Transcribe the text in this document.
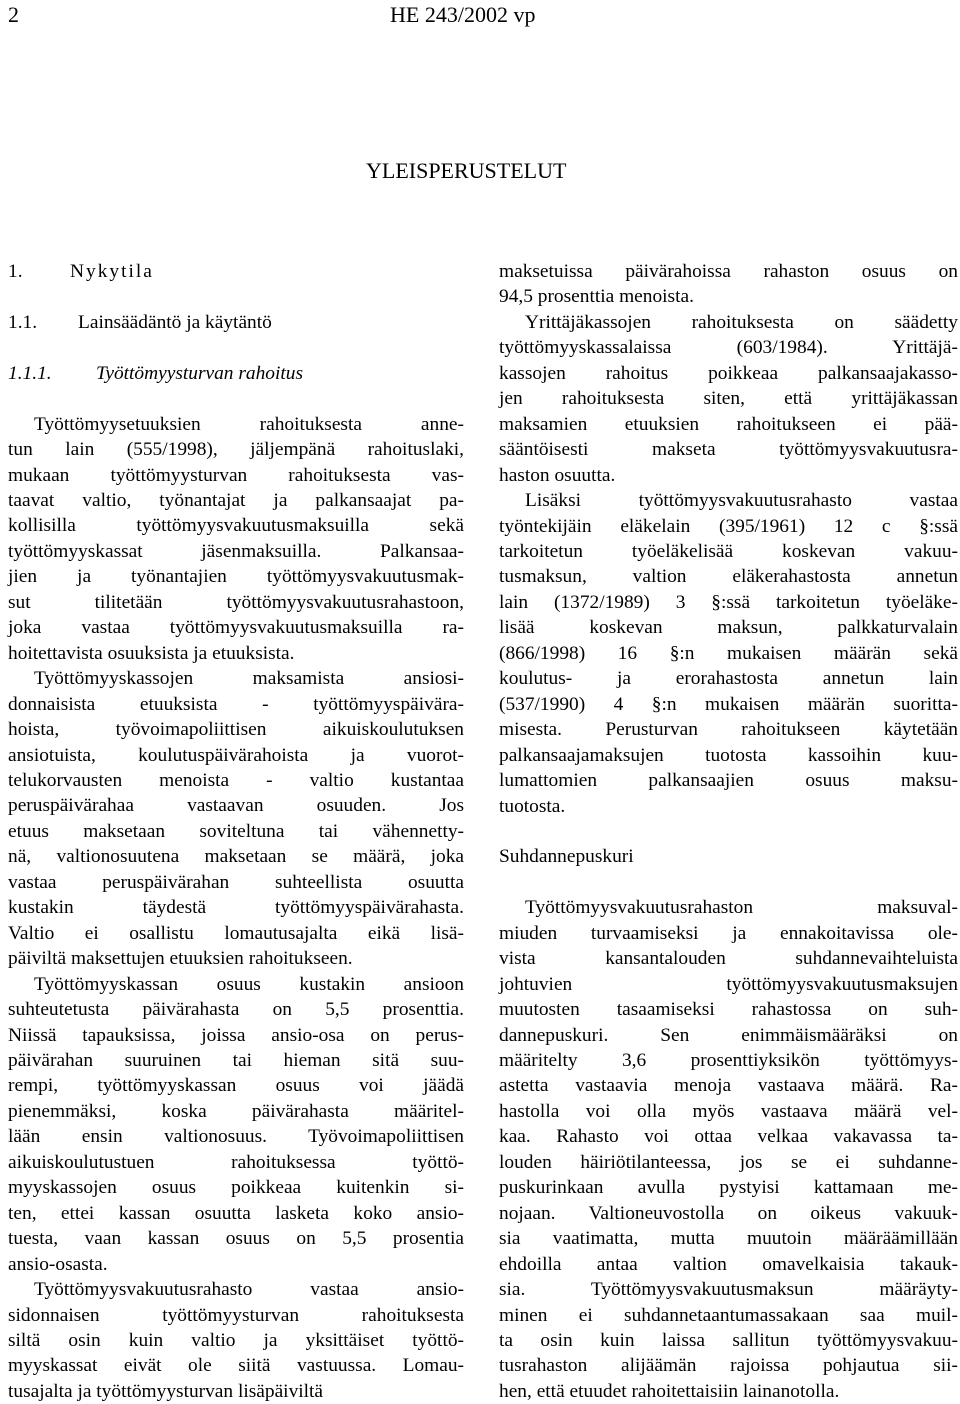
2	HE 243/2002 vp
YLEISPERUSTELUT
1. Nykytila
1.1. Lainsäädäntö ja käytäntö
1.1.1. Työttömyysturvan rahoitus
Työttömyysetuuksien rahoituksesta anne-
tun lain (555/1998), jäljempänä rahoituslaki,
mukaan työttömyysturvan rahoituksesta vas-
taavat valtio, työnantajat ja palkansaajat pa-
kollisilla työttömyysvakuutusmaksuilla sekä
työttömyyskassat jäsenmaksuilla. Palkansaa-
jien ja työnantajien työttömyysvakuutusmak-
sut tilitetään työttömyysvakuutusrahastoon,
joka vastaa työttömyysvakuutusmaksuilla ra-
hoitettavista osuuksista ja etuuksista.
Työttömyyskassojen maksamista ansiosi-
donnaisista etuuksista - työttömyyspäivära-
hoista, työvoimapoliittisen aikuiskoulutuksen
ansiotuista, koulutuspäivärahoista ja vuorot-
telukorvausten menoista - valtio kustantaa
peruspäivärahaa vastaavan osuuden. Jos
etuus maksetaan soviteltuna tai vähennetty-
nä, valtionosuutena maksetaan se määrä, joka
vastaa peruspäivärahan suhteellista osuutta
kustakin täydestä työttömyyspäivärahasta.
Valtio ei osallistu lomautusajalta eikä lisä-
päiviltä maksettujen etuuksien rahoitukseen.
Työttömyyskassan osuus kustakin ansioon
suhteutetusta päivärahasta on 5,5 prosenttia.
Niissä tapauksissa, joissa ansio-osa on perus-
päivärahan suuruinen tai hieman sitä suu-
rempi, työttömyyskassan osuus voi jäädä
pienemmäksi, koska päivärahasta määritel-
lään ensin valtionosuus. Työvoimapoliittisen
aikuiskoulutustuen rahoituksessa työttö-
myyskassojen osuus poikkeaa kuitenkin si-
ten, ettei kassan osuutta lasketa koko ansio-
tuesta, vaan kassan osuus on 5,5 prosentia
ansio-osasta.
Työttömyysvakuutusrahasto vastaa ansio-
sidonnaisen työttömyysturvan rahoituksesta
siltä osin kuin valtio ja yksittäiset työttö-
myyskassat eivät ole siitä vastuussa. Lomau-
tusajalta ja työttömyysturvan lisäpäiviltä
maksetuissa päivärahoissa rahaston osuus on
94,5 prosenttia menoista.
Yrittäjäkassojen rahoituksesta on säädetty
työttömyyskassalaissa (603/1984). Yrittäjä-
kassojen rahoitus poikkeaa palkansaajakasso-
jen rahoituksesta siten, että yrittäjäkassan
maksamien etuuksien rahoitukseen ei pää-
sääntöisesti makseta työttömyysvakuutusra-
haston osuutta.
Lisäksi työttömyysvakuutusrahasto vastaa
työntekijäin eläkelain (395/1961) 12 c §:ssä
tarkoitetun työeläkelisää koskevan vakuu-
tusmaksun, valtion eläkerahastosta annetun
lain (1372/1989) 3 §:ssä tarkoitetun työeläke-
lisää koskevan maksun, palkkaturvalain
(866/1998) 16 §:n mukaisen määrän sekä
koulutus- ja erorahastosta annetun lain
(537/1990) 4 §:n mukaisen määrän suoritta-
misesta. Perusturvan rahoitukseen käytetään
palkansaajamaksujen tuotosta kassoihin kuu-
lumattomien palkansaajien osuus maksu-
tuotosta.
Suhdannepuskuri
Työttömyysvakuutusrahaston maksuval-
miuden turvaamiseksi ja ennakoitavissa ole-
vista kansantalouden suhdannevaihteluista
johtuvien työttömyysvakuutusmaksujen
muutosten tasaamiseksi rahastossa on suh-
dannepuskuri. Sen enimmäismääräksi on
määritelty 3,6 prosenttiyksikön työttömyys-
astetta vastaavia menoja vastaava määrä. Ra-
hastolla voi olla myös vastaava määrä vel-
kaa. Rahasto voi ottaa velkaa vakavassa ta-
louden häiriötilanteessa, jos se ei suhdanne-
puskurinkaan avulla pystyisi kattamaan me-
nojaan. Valtioneuvostolla on oikeus vakuuk-
sia vaatimatta, mutta muutoin määräämillään
ehdoilla antaa valtion omavelkaisia takauk-
sia. Työttömyysvakuutusmaksun määräyty-
minen ei suhdannetaantumassakaan saa muil-
ta osin kuin laissa sallitun työttömyysvakuu-
tusrahaston alijäämän rajoissa pohjautua sii-
hen, että etuudet rahoitettaisiin lainanotolla.
